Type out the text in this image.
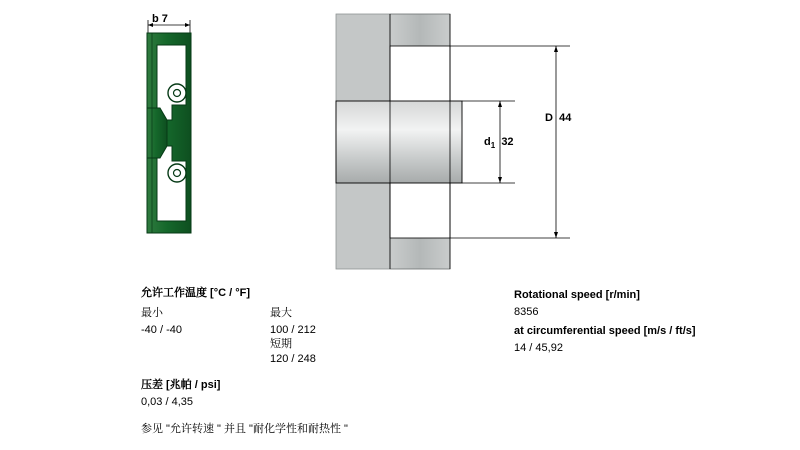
b 7
D 44
$d_1$ 32
允许工作温度 [°C / °F]
最小	最大
-40 / -40	100 / 212
短期
120 / 248
压差 [兆帕 / psi]
0,03 / 4,35
参见 "允许转速 " 并且 "耐化学性和耐热性 "
Rotational speed [r/min]
8356
at circumferential speed [m/s / ft/s]
14 / 45,92
